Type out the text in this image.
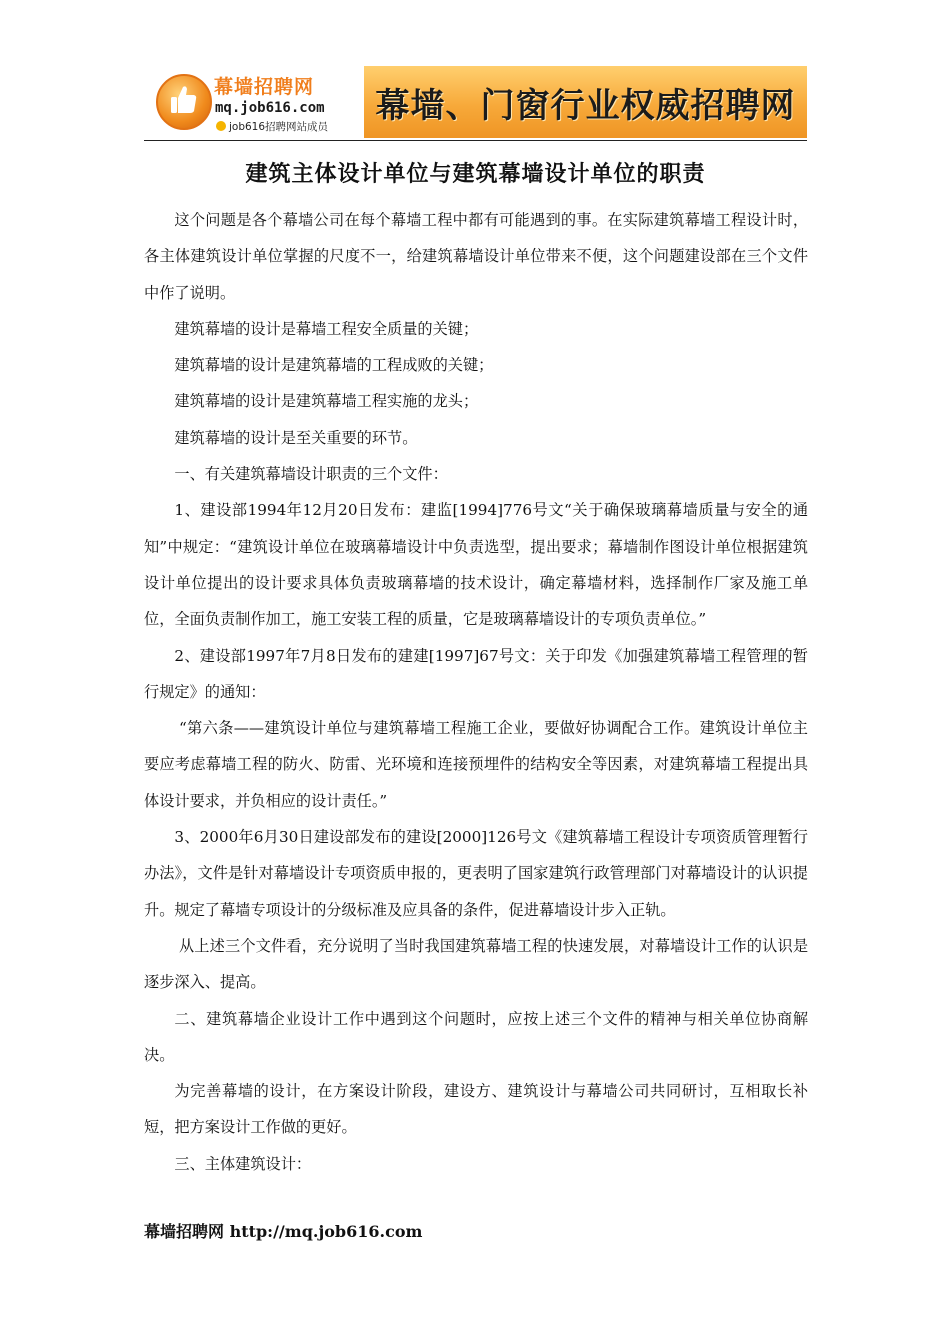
幕墙招聘网
mq.job616.com
job616招聘网站成员
幕墙、门窗行业权威招聘网
建筑主体设计单位与建筑幕墙设计单位的职责

这个问题是各个幕墙公司在每个幕墙工程中都有可能遇到的事。在实际建筑幕墙工程设计时，各主体建筑设计单位掌握的尺度不一，给建筑幕墙设计单位带来不便，这个问题建设部在三个文件中作了说明。

建筑幕墙的设计是幕墙工程安全质量的关键；

建筑幕墙的设计是建筑幕墙的工程成败的关键；

建筑幕墙的设计是建筑幕墙工程实施的龙头；

建筑幕墙的设计是至关重要的环节。

一、有关建筑幕墙设计职责的三个文件：

1、建设部1994年12月20日发布：建监[1994]776号文“关于确保玻璃幕墙质量与安全的通知”中规定：“建筑设计单位在玻璃幕墙设计中负责选型，提出要求；幕墙制作图设计单位根据建筑设计单位提出的设计要求具体负责玻璃幕墙的技术设计，确定幕墙材料，选择制作厂家及施工单位，全面负责制作加工，施工安装工程的质量，它是玻璃幕墙设计的专项负责单位。”

2、建设部1997年7月8日发布的建建[1997]67号文：关于印发《加强建筑幕墙工程管理的暂行规定》的通知：

“第六条——建筑设计单位与建筑幕墙工程施工企业，要做好协调配合工作。建筑设计单位主要应考虑幕墙工程的防火、防雷、光环境和连接预埋件的结构安全等因素，对建筑幕墙工程提出具体设计要求，并负相应的设计责任。”

3、2000年6月30日建设部发布的建设[2000]126号文《建筑幕墙工程设计专项资质管理暂行办法》，文件是针对幕墙设计专项资质申报的，更表明了国家建筑行政管理部门对幕墙设计的认识提升。规定了幕墙专项设计的分级标准及应具备的条件，促进幕墙设计步入正轨。

从上述三个文件看，充分说明了当时我国建筑幕墙工程的快速发展，对幕墙设计工作的认识是逐步深入、提高。

二、建筑幕墙企业设计工作中遇到这个问题时，应按上述三个文件的精神与相关单位协商解决。

为完善幕墙的设计，在方案设计阶段，建设方、建筑设计与幕墙公司共同研讨，互相取长补短，把方案设计工作做的更好。

三、主体建筑设计：

幕墙招聘网 http://mq.job616.com
